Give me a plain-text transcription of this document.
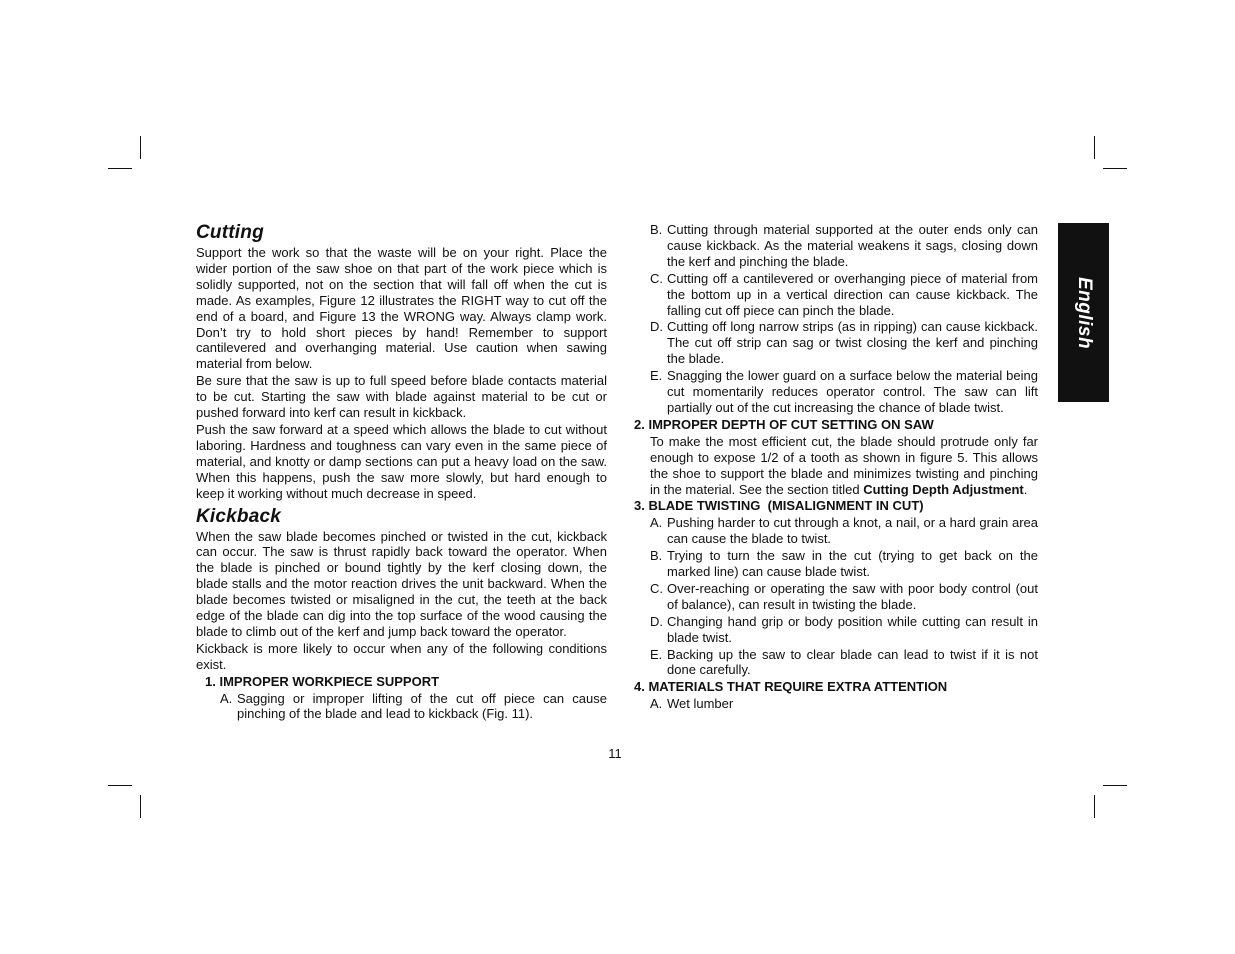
Cutting
Support the work so that the waste will be on your right. Place the wider portion of the saw shoe on that part of the work piece which is solidly supported, not on the section that will fall off when the cut is made. As examples, Figure 12 illustrates the RIGHT way to cut off the end of a board, and Figure 13 the WRONG way. Always clamp work. Don’t try to hold short pieces by hand! Remember to support cantilevered and overhanging material. Use caution when sawing material from below.
Be sure that the saw is up to full speed before blade contacts material to be cut. Starting the saw with blade against material to be cut or pushed forward into kerf can result in kickback.
Push the saw forward at a speed which allows the blade to cut without laboring. Hardness and toughness can vary even in the same piece of material, and knotty or damp sections can put a heavy load on the saw. When this happens, push the saw more slowly, but hard enough to keep it working without much decrease in speed.
Kickback
When the saw blade becomes pinched or twisted in the cut, kickback can occur. The saw is thrust rapidly back toward the operator. When the blade is pinched or bound tightly by the kerf closing down, the blade stalls and the motor reaction drives the unit backward. When the blade becomes twisted or misaligned in the cut, the teeth at the back edge of the blade can dig into the top surface of the wood causing the blade to climb out of the kerf and jump back toward the operator.
Kickback is more likely to occur when any of the following conditions exist.
1. IMPROPER WORKPIECE SUPPORT
A. Sagging or improper lifting of the cut off piece can cause pinching of the blade and lead to kickback (Fig. 11).
B. Cutting through material supported at the outer ends only can cause kickback. As the material weakens it sags, closing down the kerf and pinching the blade.
C. Cutting off a cantilevered or overhanging piece of material from the bottom up in a vertical direction can cause kickback. The falling cut off piece can pinch the blade.
D. Cutting off long narrow strips (as in ripping) can cause kickback. The cut off strip can sag or twist closing the kerf and pinching the blade.
E. Snagging the lower guard on a surface below the material being cut momentarily reduces operator control. The saw can lift partially out of the cut increasing the chance of blade twist.
2. IMPROPER DEPTH OF CUT SETTING ON SAW
To make the most efficient cut, the blade should protrude only far enough to expose 1/2 of a tooth as shown in figure 5. This allows the shoe to support the blade and minimizes twisting and pinching in the material. See the section titled Cutting Depth Adjustment.
3. BLADE TWISTING  (MISALIGNMENT IN CUT)
A. Pushing harder to cut through a knot, a nail, or a hard grain area can cause the blade to twist.
B. Trying to turn the saw in the cut (trying to get back on the marked line) can cause blade twist.
C. Over-reaching or operating the saw with poor body control (out of balance), can result in twisting the blade.
D. Changing hand grip or body position while cutting can result in blade twist.
E. Backing up the saw to clear blade can lead to twist if it is not done carefully.
4. MATERIALS THAT REQUIRE EXTRA ATTENTION
A. Wet lumber
English
11
